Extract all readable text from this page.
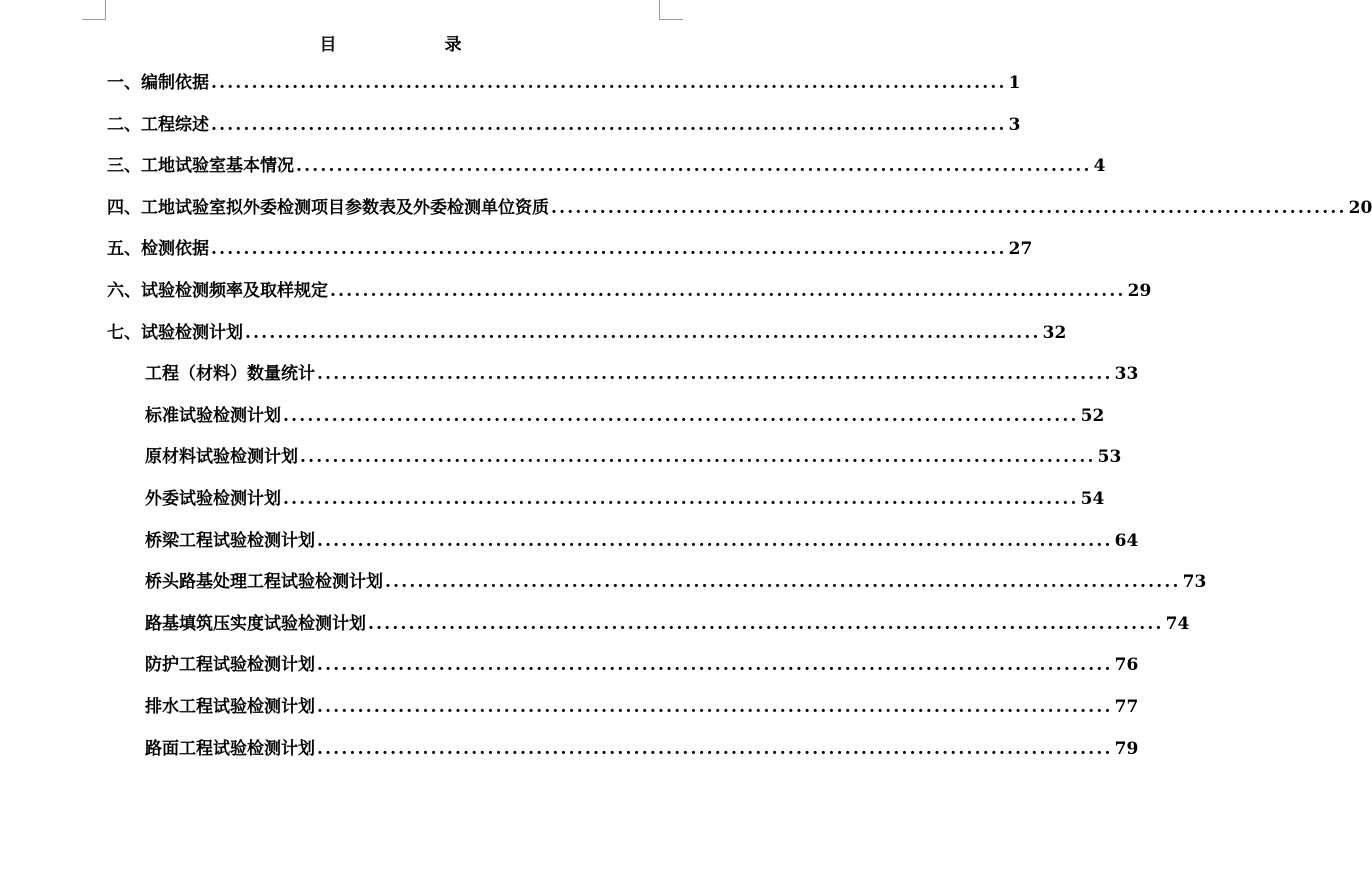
目	录
一、编制依据 .................................................................................................. 1
二、工程综述 .................................................................................................. 3
三、工地试验室基本情况 .................................................................................................. 4
四、工地试验室拟外委检测项目参数表及外委检测单位资质 .................................................................................................. 20
五、检测依据 .................................................................................................. 27
六、试验检测频率及取样规定 .................................................................................................. 29
七、试验检测计划 .................................................................................................. 32
工程（材料）数量统计 .................................................................................................. 33
标准试验检测计划 .................................................................................................. 52
原材料试验检测计划 .................................................................................................. 53
外委试验检测计划 .................................................................................................. 54
桥梁工程试验检测计划 .................................................................................................. 64
桥头路基处理工程试验检测计划 .................................................................................................. 73
路基填筑压实度试验检测计划 .................................................................................................. 74
防护工程试验检测计划 .................................................................................................. 76
排水工程试验检测计划 .................................................................................................. 77
路面工程试验检测计划 .................................................................................................. 79
